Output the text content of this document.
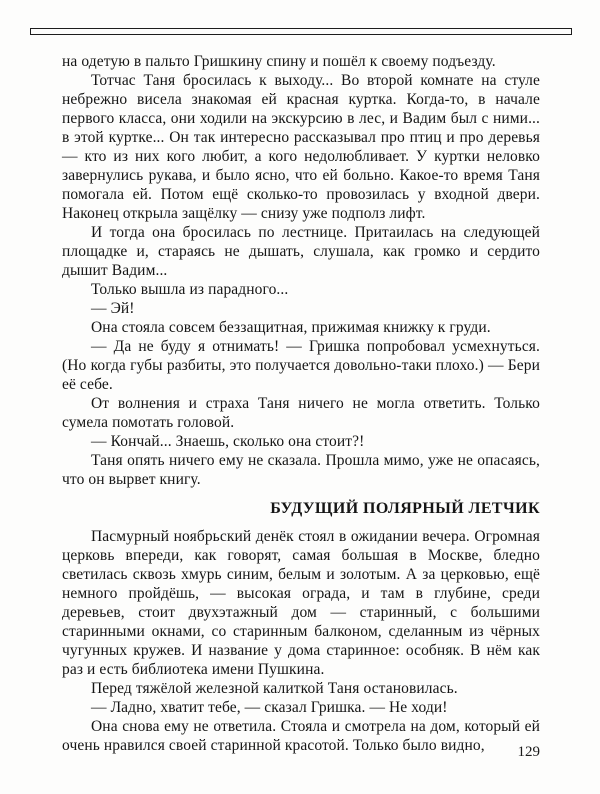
на одетую в пальто Гришкину спину и пошёл к своему подъезду.

Тотчас Таня бросилась к выходу... Во второй комнате на стуле небрежно висела знакомая ей красная куртка. Когда-то, в начале первого класса, они ходили на экскурсию в лес, и Вадим был с ними... в этой куртке... Он так интересно рассказывал про птиц и про деревья — кто из них кого любит, а кого недолюбливает. У куртки неловко завернулись рукава, и было ясно, что ей больно. Какое-то время Таня помогала ей. Потом ещё сколько-то провозилась у входной двери. Наконец открыла защёлку — снизу уже подполз лифт.

И тогда она бросилась по лестнице. Притаилась на следующей площадке и, стараясь не дышать, слушала, как громко и сердито дышит Вадим...

Только вышла из парадного...

— Эй!

Она стояла совсем беззащитная, прижимая книжку к груди.

— Да не буду я отнимать! — Гришка попробовал усмехнуться. (Но когда губы разбиты, это получается довольно-таки плохо.) — Бери её себе.

От волнения и страха Таня ничего не могла ответить. Только сумела помотать головой.

— Кончай... Знаешь, сколько она стоит?!

Таня опять ничего ему не сказала. Прошла мимо, уже не опасаясь, что он вырвет книгу.

БУДУЩИЙ ПОЛЯРНЫЙ ЛЕТЧИК

Пасмурный ноябрьский денёк стоял в ожидании вечера. Огромная церковь впереди, как говорят, самая большая в Москве, бледно светилась сквозь хмурь синим, белым и золотым. А за церковью, ещё немного пройдёшь, — высокая ограда, и там в глубине, среди деревьев, стоит двухэтажный дом — старинный, с большими старинными окнами, со старинным балконом, сделанным из чёрных чугунных кружев. И название у дома старинное: особняк. В нём как раз и есть библиотека имени Пушкина.

Перед тяжёлой железной калиткой Таня остановилась.

— Ладно, хватит тебе, — сказал Гришка. — Не ходи!

Она снова ему не ответила. Стояла и смотрела на дом, который ей очень нравился своей старинной красотой. Только было видно,	129
